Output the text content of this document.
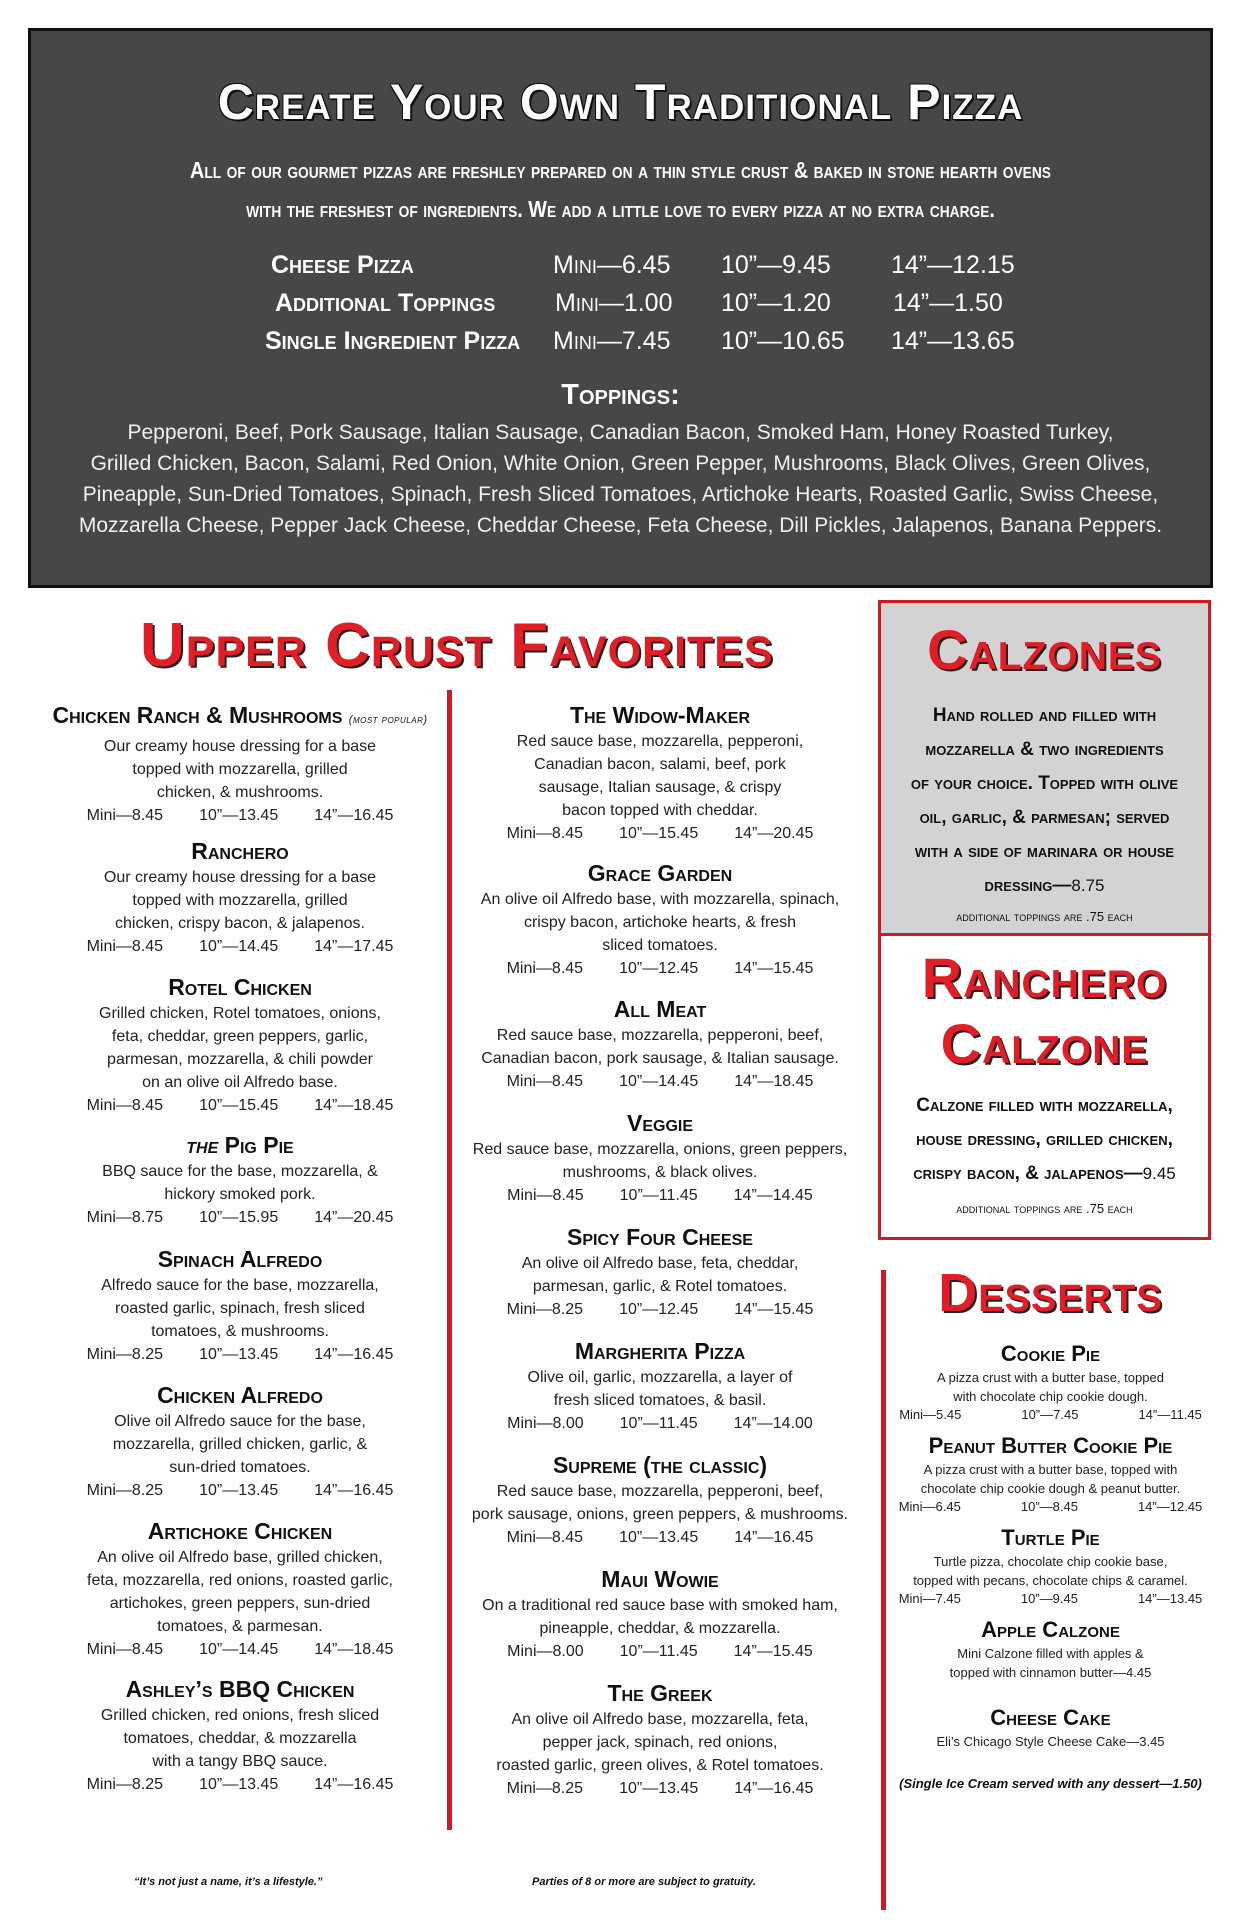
Create Your Own Traditional Pizza
All of our gourmet pizzas are freshley prepared on a thin style crust & baked in stone hearth ovens
with the freshest of ingredients. We add a little love to every pizza at no extra charge.
Cheese Pizza	Mini—6.45 10”—9.45 14”—12.15
Additional Toppings Mini—1.00 10”—1.20 14”—1.50
Single Ingredient Pizza Mini—7.45 10”—10.65 14”—13.65
Toppings:
Pepperoni, Beef, Pork Sausage, Italian Sausage, Canadian Bacon, Smoked Ham, Honey Roasted Turkey,
Grilled Chicken, Bacon, Salami, Red Onion, White Onion, Green Pepper, Mushrooms, Black Olives, Green Olives,
Pineapple, Sun-Dried Tomatoes, Spinach, Fresh Sliced Tomatoes, Artichoke Hearts, Roasted Garlic, Swiss Cheese,
Mozzarella Cheese, Pepper Jack Cheese, Cheddar Cheese, Feta Cheese, Dill Pickles, Jalapenos, Banana Peppers.
Upper Crust Favorites
Chicken Ranch & Mushrooms (most popular)
Our creamy house dressing for a base
topped with mozzarella, grilled
chicken, & mushrooms.
Mini—8.45 10”—13.45 14”—16.45
Ranchero
Our creamy house dressing for a base
topped with mozzarella, grilled
chicken, crispy bacon, & jalapenos.
Mini—8.45 10”—14.45 14”—17.45
Rotel Chicken
Grilled chicken, Rotel tomatoes, onions,
feta, cheddar, green peppers, garlic,
parmesan, mozzarella, & chili powder
on an olive oil Alfredo base.
Mini—8.45 10”—15.45 14”—18.45
the Pig Pie
BBQ sauce for the base, mozzarella, &
hickory smoked pork.
Mini—8.75 10”—15.95 14”—20.45
Spinach Alfredo
Alfredo sauce for the base, mozzarella,
roasted garlic, spinach, fresh sliced
tomatoes, & mushrooms.
Mini—8.25 10”—13.45 14”—16.45
Chicken Alfredo
Olive oil Alfredo sauce for the base,
mozzarella, grilled chicken, garlic, &
sun-dried tomatoes.
Mini—8.25 10”—13.45 14”—16.45
Artichoke Chicken
An olive oil Alfredo base, grilled chicken,
feta, mozzarella, red onions, roasted garlic,
artichokes, green peppers, sun-dried
tomatoes, & parmesan.
Mini—8.45 10”—14.45 14”—18.45
Ashley’s BBQ Chicken
Grilled chicken, red onions, fresh sliced
tomatoes, cheddar, & mozzarella
with a tangy BBQ sauce.
Mini—8.25 10”—13.45 14”—16.45
The Widow-Maker
Red sauce base, mozzarella, pepperoni,
Canadian bacon, salami, beef, pork
sausage, Italian sausage, & crispy
bacon topped with cheddar.
Mini—8.45 10”—15.45 14”—20.45
Grace Garden
An olive oil Alfredo base, with mozzarella, spinach,
crispy bacon, artichoke hearts, & fresh
sliced tomatoes.
Mini—8.45 10”—12.45 14”—15.45
All Meat
Red sauce base, mozzarella, pepperoni, beef,
Canadian bacon, pork sausage, & Italian sausage.
Mini—8.45 10”—14.45 14”—18.45
Veggie
Red sauce base, mozzarella, onions, green peppers,
mushrooms, & black olives.
Mini—8.45 10”—11.45 14”—14.45
Spicy Four Cheese
An olive oil Alfredo base, feta, cheddar,
parmesan, garlic, & Rotel tomatoes.
Mini—8.25 10”—12.45 14”—15.45
Margherita Pizza
Olive oil, garlic, mozzarella, a layer of
fresh sliced tomatoes, & basil.
Mini—8.00 10”—11.45 14”—14.00
Supreme (the classic)
Red sauce base, mozzarella, pepperoni, beef,
pork sausage, onions, green peppers, & mushrooms.
Mini—8.45 10”—13.45 14”—16.45
Maui Wowie
On a traditional red sauce base with smoked ham,
pineapple, cheddar, & mozzarella.
Mini—8.00 10”—11.45 14”—15.45
The Greek
An olive oil Alfredo base, mozzarella, feta,
pepper jack, spinach, red onions,
roasted garlic, green olives, & Rotel tomatoes.
Mini—8.25 10”—13.45 14”—16.45
Calzones
Hand rolled and filled with
mozzarella & two ingredients
of your choice. Topped with olive
oil, garlic, & parmesan; served
with a side of marinara or house
dressing—8.75
additional toppings are .75 each
Ranchero
Calzone
Calzone filled with mozzarella,
house dressing, grilled chicken,
crispy bacon, & jalapenos—9.45
additional toppings are .75 each
Desserts
Cookie Pie
A pizza crust with a butter base, topped
with chocolate chip cookie dough.
Mini—5.45	10”—7.45	14”—11.45
Peanut Butter Cookie Pie
A pizza crust with a butter base, topped with
chocolate chip cookie dough & peanut butter.
Mini—6.45	10”—8.45	14”—12.45
Turtle Pie
Turtle pizza, chocolate chip cookie base,
topped with pecans, chocolate chips & caramel.
Mini—7.45	10”—9.45	14”—13.45
Apple Calzone
Mini Calzone filled with apples &
topped with cinnamon butter—4.45
Cheese Cake
Eli’s Chicago Style Cheese Cake—3.45
(Single Ice Cream served with any dessert—1.50)
“It’s not just a name, it’s a lifestyle.”	Parties of 8 or more are subject to gratuity.
